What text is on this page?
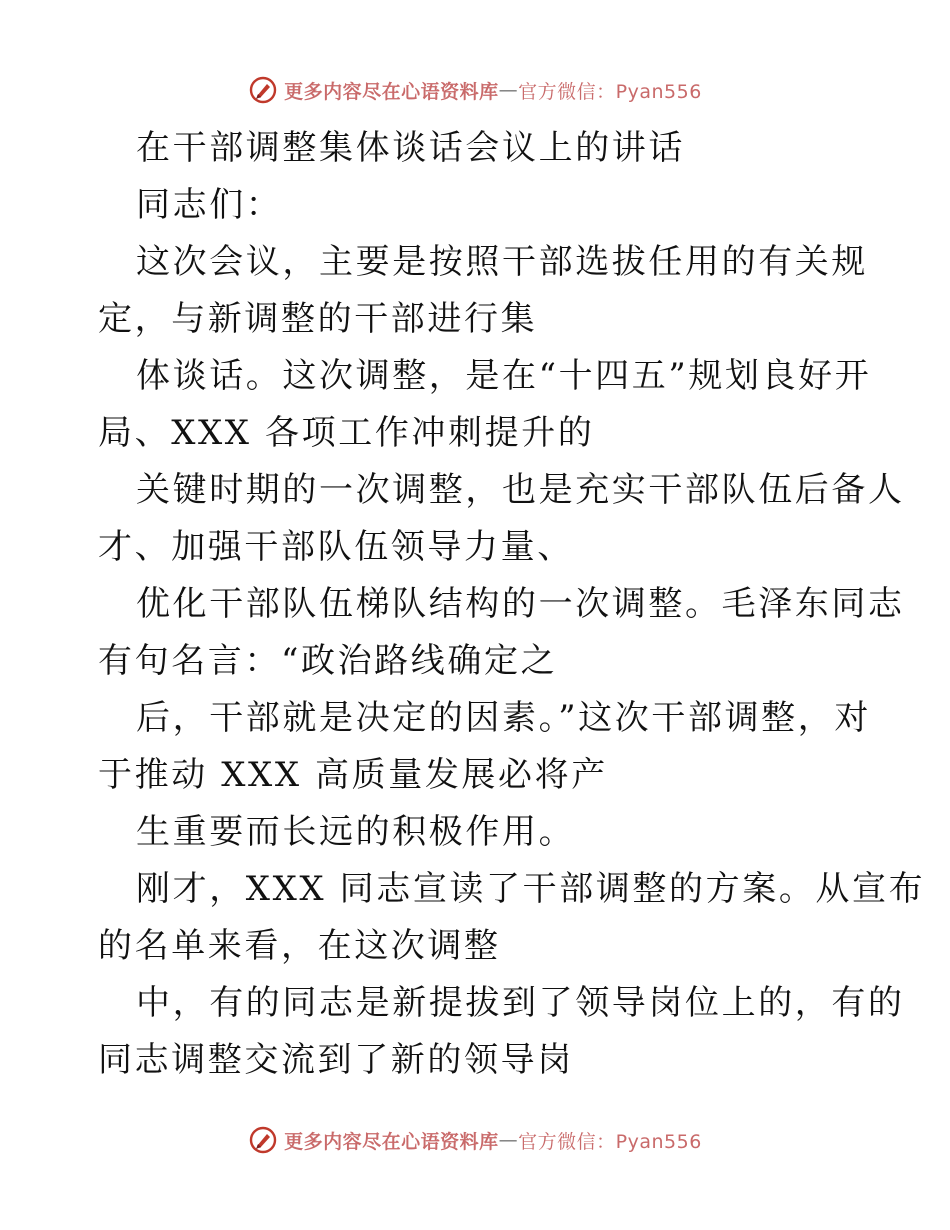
更多内容尽在心语资料库 — 官方微信：Pyan556
在干部调整集体谈话会议上的讲话
同志们：
这次会议，主要是按照干部选拔任用的有关规
定，与新调整的干部进行集
体谈话。这次调整，是在“十四五”规划良好开
局、XXX 各项工作冲刺提升的
关键时期的一次调整，也是充实干部队伍后备人
才、加强干部队伍领导力量、
优化干部队伍梯队结构的一次调整。毛泽东同志
有句名言：“政治路线确定之
后，干部就是决定的因素。”这次干部调整，对
于推动 XXX 高质量发展必将产
生重要而长远的积极作用。
刚才，XXX 同志宣读了干部调整的方案。从宣布
的名单来看，在这次调整
中，有的同志是新提拔到了领导岗位上的，有的
同志调整交流到了新的领导岗
更多内容尽在心语资料库 — 官方微信：Pyan556
